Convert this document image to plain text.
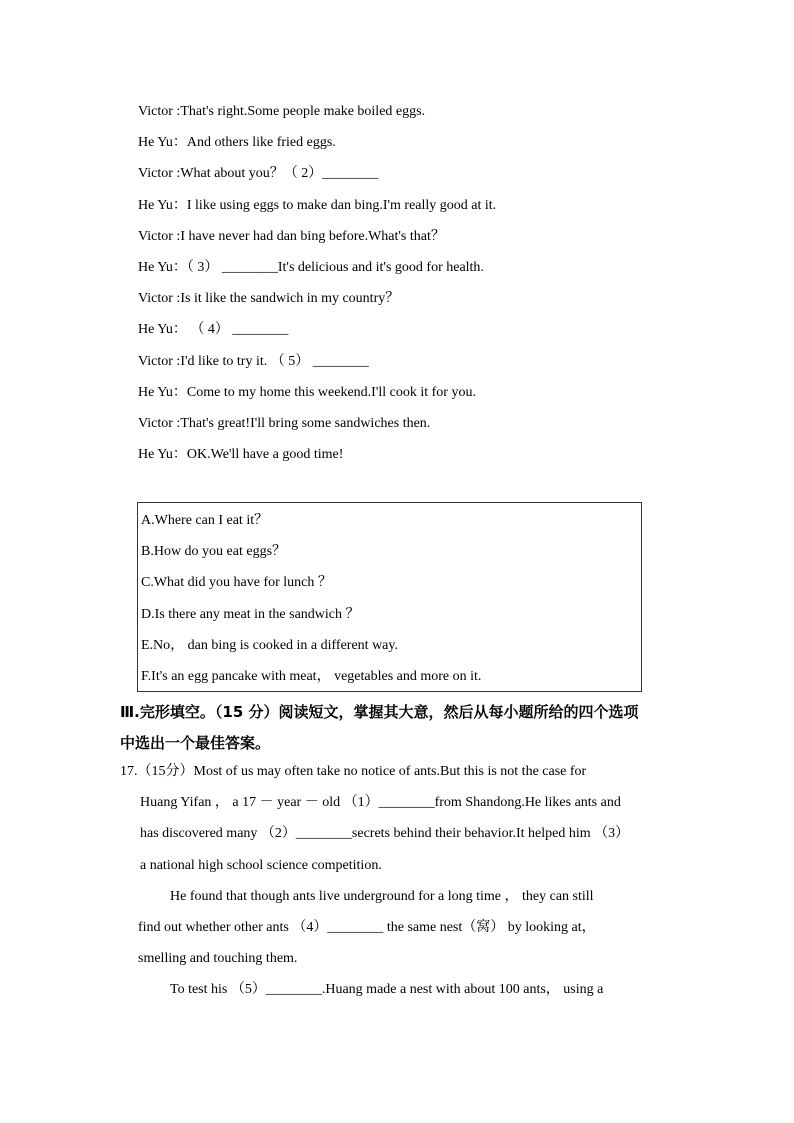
Victor :That's right.Some people make boiled eggs.
He Yu：And others like fried eggs.
Victor :What about you？（ 2）________
He Yu：I like using eggs to make dan bing.I'm really good at it.
Victor :I have never had dan bing before.What's that？
He Yu：（ 3） ________It's delicious and it's good for health.
Victor :Is it like the sandwich in my country？
He Yu： （ 4） ________
Victor :I'd like to try it. （ 5） ________
He Yu：Come to my home this weekend.I'll cook it for you.
Victor :That's great!I'll bring some sandwiches then.
He Yu：OK.We'll have a good time!
A.Where can I eat it？
B.How do you eat eggs？
C.What did you have for lunch ？
D.Is there any meat in the sandwich ？
E.No， dan bing is cooked in a different way.
F.It's an egg pancake with meat， vegetables and more on it.
Ⅲ.完形填空。（15 分）阅读短文，掌握其大意，然后从每小题所给的四个选项
中选出一个最佳答案。
17.（15分）Most of us may often take no notice of ants.But this is not the case for
Huang Yifan ， a 17 － year － old （1）________from Shandong.He likes ants and
has discovered many （2）________secrets behind their behavior.It helped him （3）
a national high school science competition.
He found that though ants live underground for a long time ， they can still
find out whether other ants （4）________ the same nest（窝） by looking at，
smelling and touching them.
To test his （5）________.Huang made a nest with about 100 ants， using a
